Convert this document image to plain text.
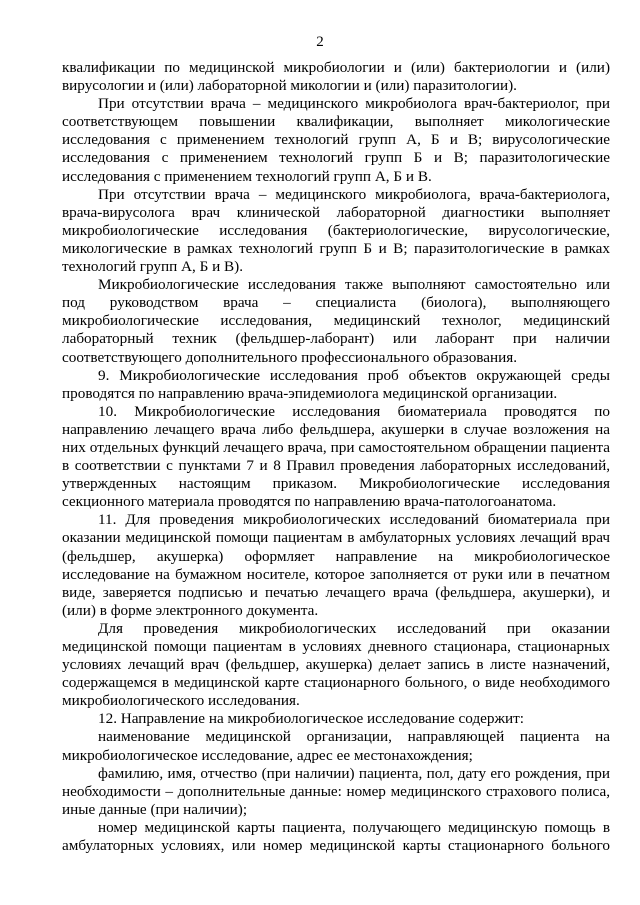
2

квалификации по медицинской микробиологии и (или) бактериологии и (или) вирусологии и (или) лабораторной микологии и (или) паразитологии).

При отсутствии врача – медицинского микробиолога врач-бактериолог, при соответствующем повышении квалификации, выполняет микологические исследования с применением технологий групп А, Б и В; вирусологические исследования с применением технологий групп Б и В; паразитологические исследования с применением технологий групп А, Б и В.

При отсутствии врача – медицинского микробиолога, врача-бактериолога, врача-вирусолога врач клинической лабораторной диагностики выполняет микробиологические исследования (бактериологические, вирусологические, микологические в рамках технологий групп Б и В; паразитологические в рамках технологий групп А, Б и В).

Микробиологические исследования также выполняют самостоятельно или под руководством врача – специалиста (биолога), выполняющего микробиологические исследования, медицинский технолог, медицинский лабораторный техник (фельдшер-лаборант) или лаборант при наличии соответствующего дополнительного профессионального образования.

9. Микробиологические исследования проб объектов окружающей среды проводятся по направлению врача-эпидемиолога медицинской организации.

10. Микробиологические исследования биоматериала проводятся по направлению лечащего врача либо фельдшера, акушерки в случае возложения на них отдельных функций лечащего врача, при самостоятельном обращении пациента в соответствии с пунктами 7 и 8 Правил проведения лабораторных исследований, утвержденных настоящим приказом. Микробиологические исследования секционного материала проводятся по направлению врача-патологоанатома.

11. Для проведения микробиологических исследований биоматериала при оказании медицинской помощи пациентам в амбулаторных условиях лечащий врач (фельдшер, акушерка) оформляет направление на микробиологическое исследование на бумажном носителе, которое заполняется от руки или в печатном виде, заверяется подписью и печатью лечащего врача (фельдшера, акушерки), и (или) в форме электронного документа.

Для проведения микробиологических исследований при оказании медицинской помощи пациентам в условиях дневного стационара, стационарных условиях лечащий врач (фельдшер, акушерка) делает запись в листе назначений, содержащемся в медицинской карте стационарного больного, о виде необходимого микробиологического исследования.

12. Направление на микробиологическое исследование содержит:

наименование медицинской организации, направляющей пациента на микробиологическое исследование, адрес ее местонахождения;

фамилию, имя, отчество (при наличии) пациента, пол, дату его рождения, при необходимости – дополнительные данные: номер медицинского страхового полиса, иные данные (при наличии);

номер медицинской карты пациента, получающего медицинскую помощь в амбулаторных условиях, или номер медицинской карты стационарного больного
